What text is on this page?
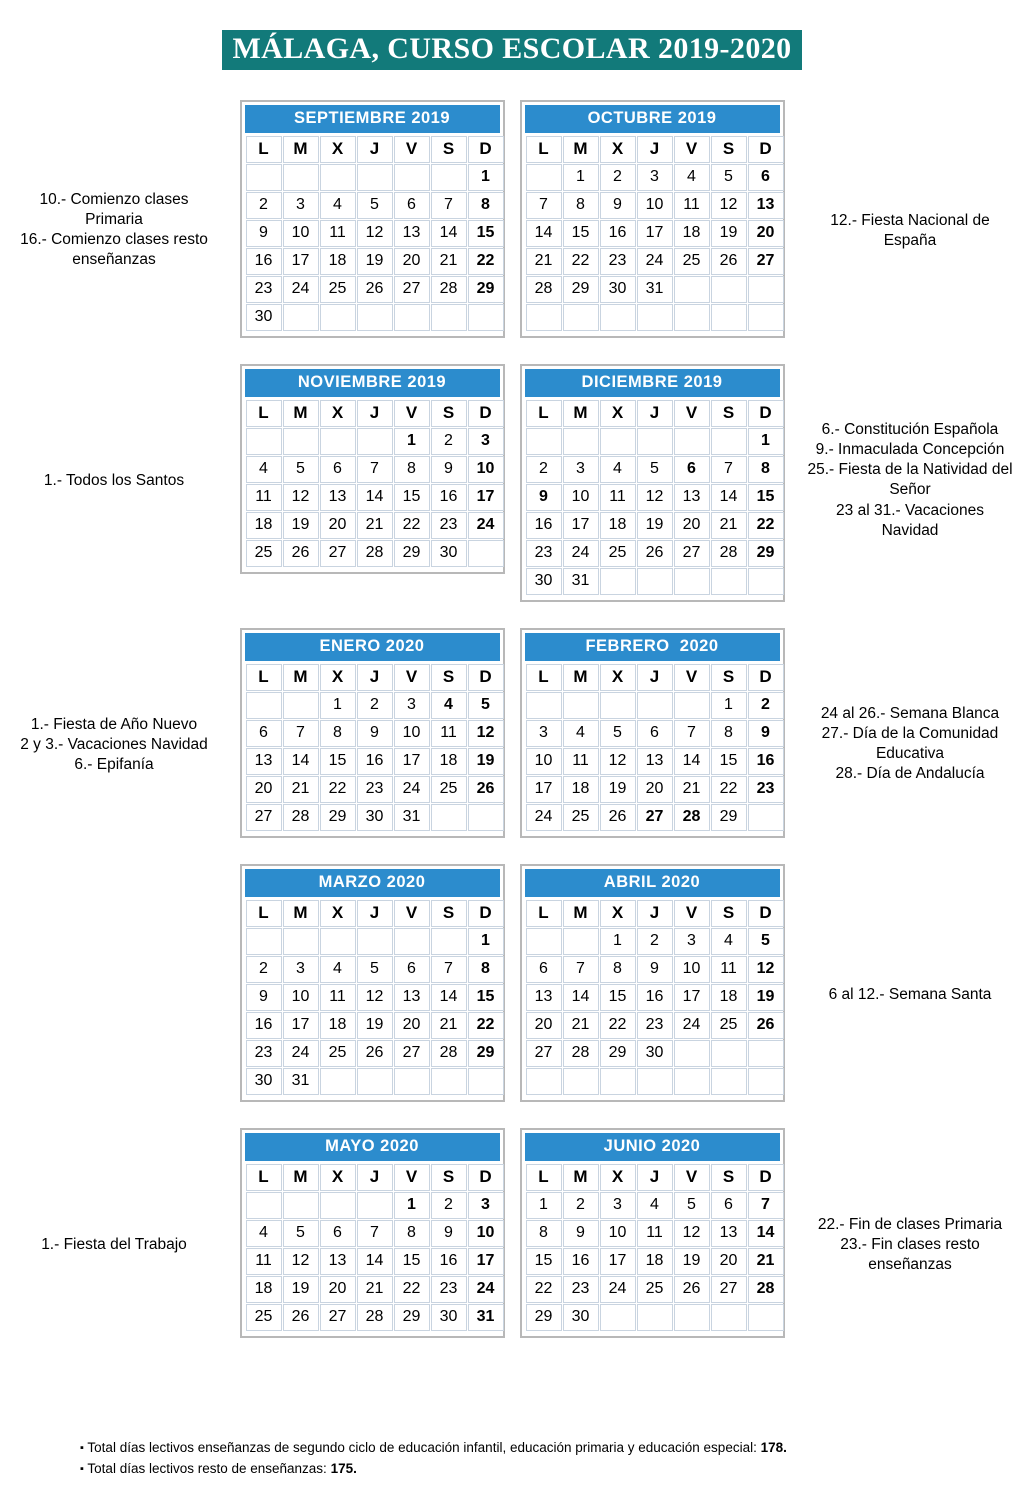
MÁLAGA, CURSO ESCOLAR 2019-2020
10.- Comienzo clases
Primaria
16.- Comienzo clases resto
enseñanzas
SEPTIEMBRE 2019
L	M	X	J	V	S	D
						1
2	3	4	5	6	7	8
9	10	11	12	13	14	15
16	17	18	19	20	21	22
23	24	25	26	27	28	29
30						
OCTUBRE 2019
L	M	X	J	V	S	D
	1	2	3	4	5	6
7	8	9	10	11	12	13
14	15	16	17	18	19	20
21	22	23	24	25	26	27
28	29	30	31			

12.- Fiesta Nacional de
España
1.- Todos los Santos
NOVIEMBRE 2019
L	M	X	J	V	S	D
				1	2	3
4	5	6	7	8	9	10
11	12	13	14	15	16	17
18	19	20	21	22	23	24
25	26	27	28	29	30	
DICIEMBRE 2019
L	M	X	J	V	S	D
						1
2	3	4	5	6	7	8
9	10	11	12	13	14	15
16	17	18	19	20	21	22
23	24	25	26	27	28	29
30	31					
6.- Constitución Española
9.- Inmaculada Concepción
25.- Fiesta de la Natividad del
Señor
23 al 31.- Vacaciones
Navidad
1.- Fiesta de Año Nuevo
2 y 3.- Vacaciones Navidad
6.- Epifanía
ENERO 2020
L	M	X	J	V	S	D
		1	2	3	4	5
6	7	8	9	10	11	12
13	14	15	16	17	18	19
20	21	22	23	24	25	26
27	28	29	30	31		
FEBRERO  2020
L	M	X	J	V	S	D
					1	2
3	4	5	6	7	8	9
10	11	12	13	14	15	16
17	18	19	20	21	22	23
24	25	26	27	28	29	
24 al 26.- Semana Blanca
27.- Día de la Comunidad
Educativa
28.- Día de Andalucía
MARZO 2020
L	M	X	J	V	S	D
						1
2	3	4	5	6	7	8
9	10	11	12	13	14	15
16	17	18	19	20	21	22
23	24	25	26	27	28	29
30	31					
ABRIL 2020
L	M	X	J	V	S	D
		1	2	3	4	5
6	7	8	9	10	11	12
13	14	15	16	17	18	19
20	21	22	23	24	25	26
27	28	29	30			

6 al 12.- Semana Santa
1.- Fiesta del Trabajo
MAYO 2020
L	M	X	J	V	S	D
				1	2	3
4	5	6	7	8	9	10
11	12	13	14	15	16	17
18	19	20	21	22	23	24
25	26	27	28	29	30	31
JUNIO 2020
L	M	X	J	V	S	D
1	2	3	4	5	6	7
8	9	10	11	12	13	14
15	16	17	18	19	20	21
22	23	24	25	26	27	28
29	30					
22.- Fin de clases Primaria
23.- Fin clases resto
enseñanzas
▪ Total días lectivos enseñanzas de segundo ciclo de educación infantil, educación primaria y educación especial: 178.
▪ Total días lectivos resto de enseñanzas: 175.
